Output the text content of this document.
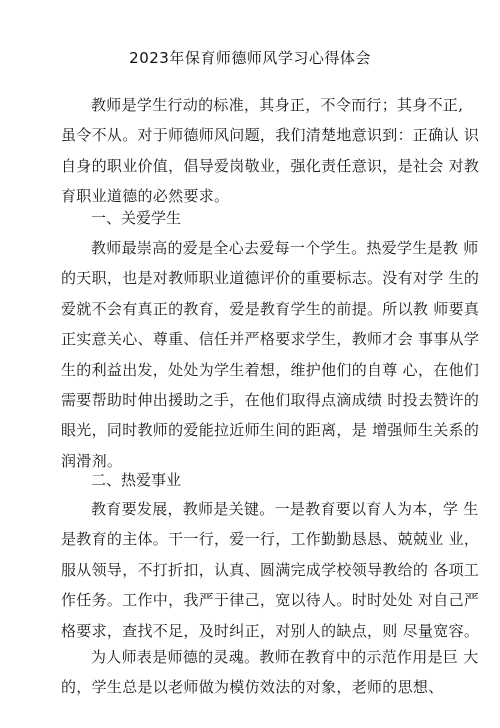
2023年保育师德师风学习心得体会
教师是学生行动的标准，其身正，不令而行；其身不正,
虽令不从。对于师德师风问题，我们清楚地意识到：正确认 识
自身的职业价值，倡导爱岗敬业，强化责任意识，是社会 对教
育职业道德的必然要求。
一、关爱学生
教师最崇高的爱是全心去爱每一个学生。热爱学生是教 师
的天职，也是对教师职业道德评价的重要标志。没有对学 生的
爱就不会有真正的教育，爱是教育学生的前提。所以教 师要真
正实意关心、尊重、信任并严格要求学生，教师才会 事事从学
生的利益出发，处处为学生着想，维护他们的自尊 心，在他们
需要帮助时伸出援助之手，在他们取得点滴成绩 时投去赞许的
眼光，同时教师的爱能拉近师生间的距离，是 增强师生关系的
润滑剂。
二、热爱事业
教育要发展，教师是关键。一是教育要以育人为本，学 生
是教育的主体。干一行，爱一行，工作勤勤恳恳、兢兢业 业，
服从领导，不打折扣，认真、圆满完成学校领导教给的 各项工
作任务。工作中，我严于律己，宽以待人。时时处处 对自己严
格要求，查找不足，及时纠正，对别人的缺点，则 尽量宽容。
为人师表是师德的灵魂。教师在教育中的示范作用是巨 大
的，学生总是以老师做为模仿效法的对象，老师的思想、
